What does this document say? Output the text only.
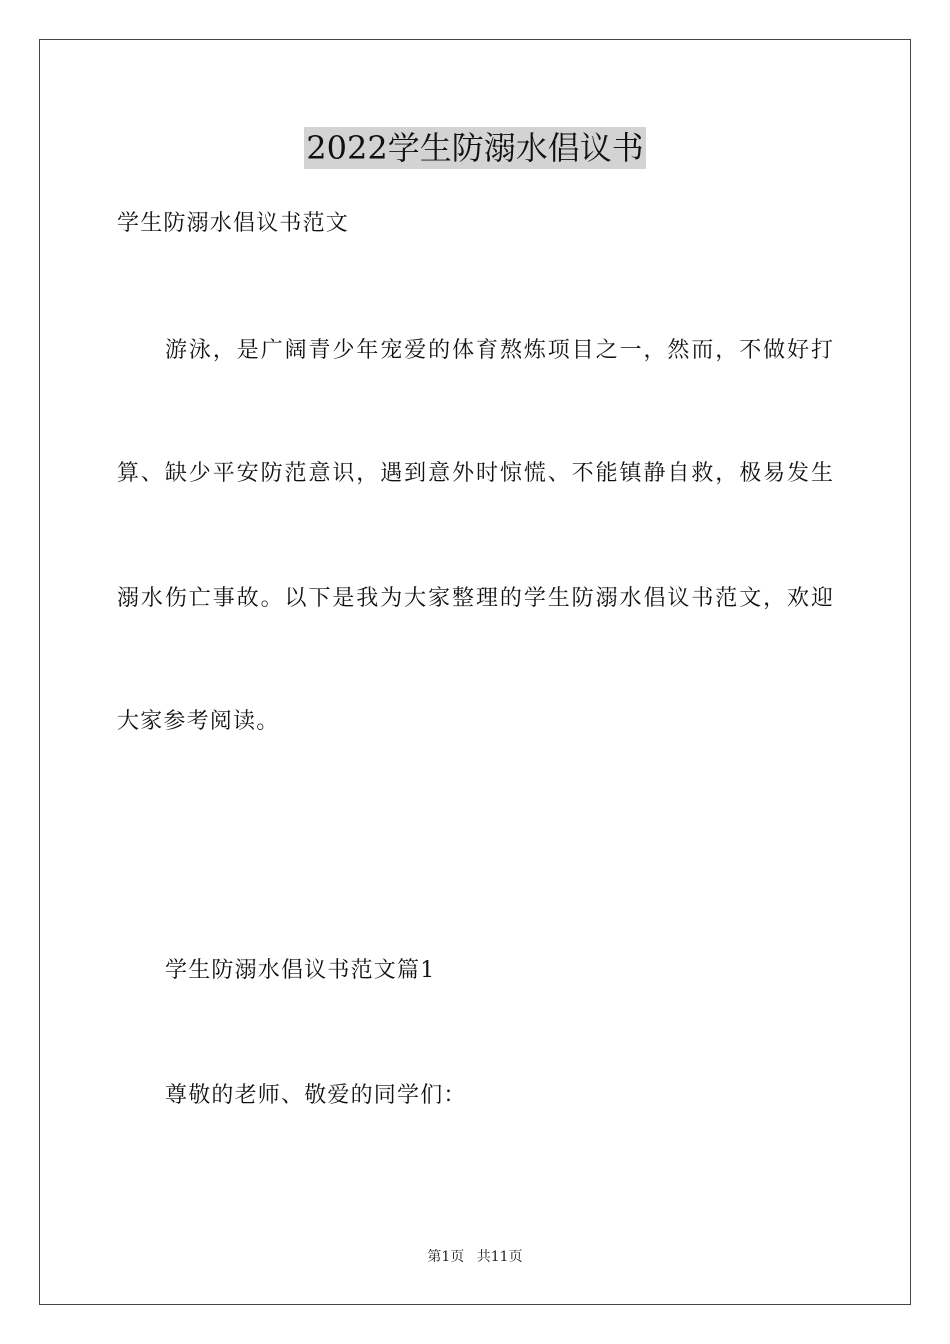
2022学生防溺水倡议书
学生防溺水倡议书范文
游泳，是广阔青少年宠爱的体育熬炼项目之一，然而，不做好打
算、缺少平安防范意识，遇到意外时惊慌、不能镇静自救，极易发生
溺水伤亡事故。以下是我为大家整理的学生防溺水倡议书范文，欢迎
大家参考阅读。
学生防溺水倡议书范文篇1
尊敬的老师、敬爱的同学们：
第1页 共11页
